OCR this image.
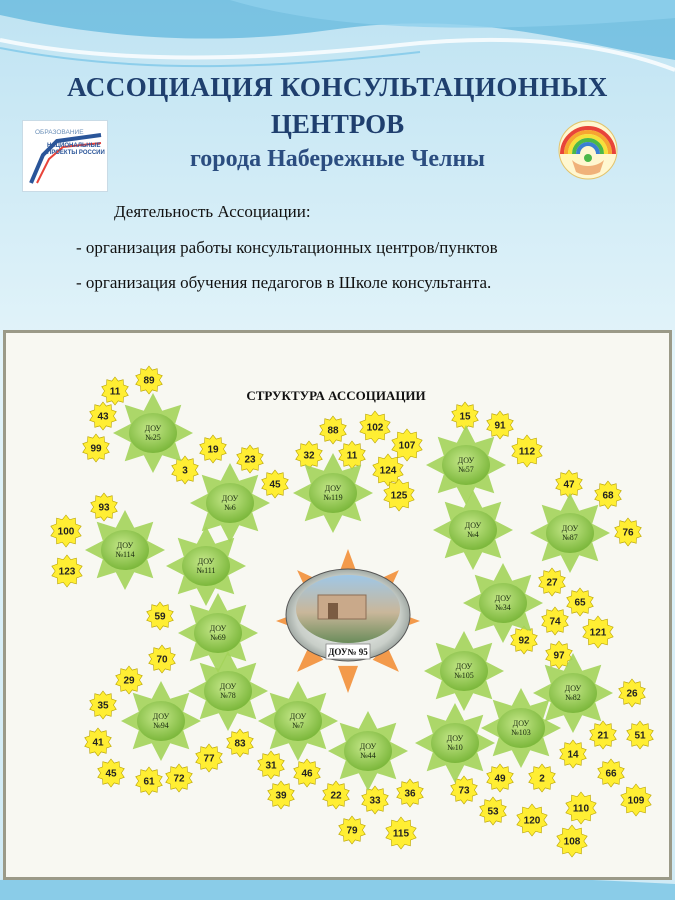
АССОЦИАЦИЯ КОНСУЛЬТАЦИОННЫХ
ЦЕНТРОВ
города Набережные Челны
ОБРАЗОВАНИЕ
НАЦИОНАЛЬНЫЕ ПРОЕКТЫ РОССИИ

Деятельность Ассоциации:

- организация работы консультационных центров/пунктов

- организация обучения педагогов в Школе консультанта.

СТРУКТУРА АССОЦИАЦИИ
ДОУ№ 95
89
11
43
99
3
19
23
45
88	102
32	11
107
124
125
15
91
112
47
68
76
93
100
123
27
65
74
121
92
59
70	97
26
21	51
14
66
109
29
77
83
35
41
45
61 72
31
46
39	22	33
36
79	115
73
49	2
53
120
110
108
ДОУ №25
ДОУ №6
ДОУ №119
ДОУ №57
ДОУ №4
ДОУ №87
ДОУ №114
ДОУ №111
ДОУ №34
ДОУ №69
ДОУ №105
ДОУ №82
ДОУ №78
ДОУ №94
ДОУ №7
ДОУ №44
ДОУ №10
ДОУ №103
